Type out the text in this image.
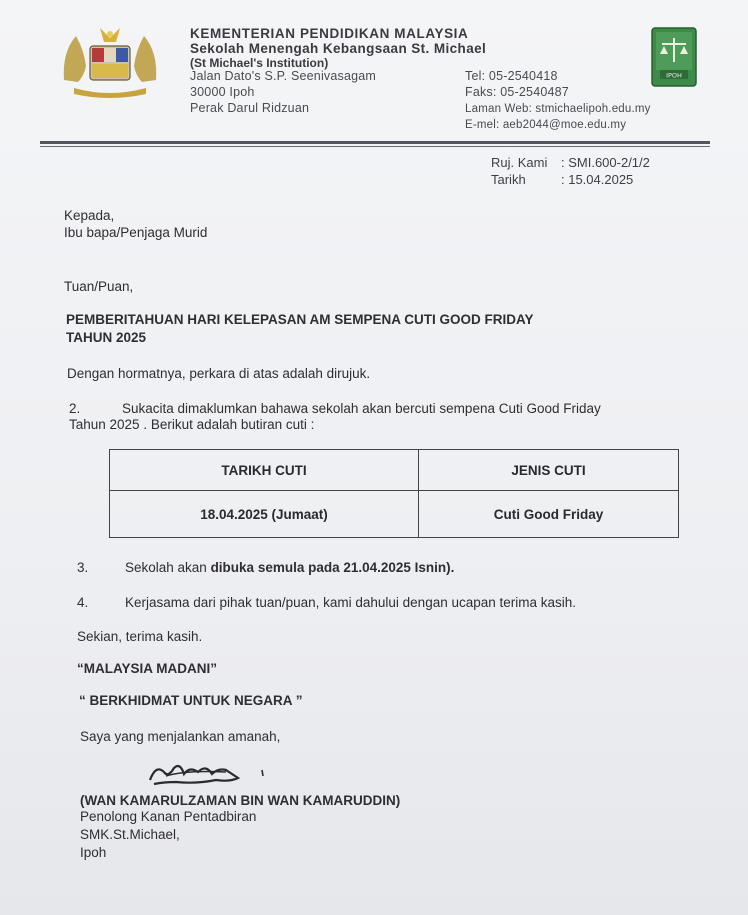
KEMENTERIAN PENDIDIKAN MALAYSIA
Sekolah Menengah Kebangsaan St. Michael
(St Michael's Institution)
Jalan Dato's S.P. Seenivasagam
30000 Ipoh
Perak Darul Ridzuan
Tel: 05-2540418
Faks: 05-2540487
Laman Web: stmichaelipoh.edu.my
E-mel: aeb2044@moe.edu.my
IPOH
Ruj. Kami : SMI.600-2/1/2
Tarikh	: 15.04.2025
Kepada,
Ibu bapa/Penjaga Murid
Tuan/Puan,
PEMBERITAHUAN HARI KELEPASAN AM SEMPENA CUTI GOOD FRIDAY
TAHUN 2025
Dengan hormatnya, perkara di atas adalah dirujuk.
2.	Sukacita dimaklumkan bahawa sekolah akan bercuti sempena Cuti Good Friday
Tahun 2025 . Berikut adalah butiran cuti :
TARIKH CUTI	JENIS CUTI
18.04.2025 (Jumaat)	Cuti Good Friday
3.	Sekolah akan dibuka semula pada 21.04.2025 Isnin).
4.	Kerjasama dari pihak tuan/puan, kami dahului dengan ucapan terima kasih.
Sekian, terima kasih.
“MALAYSIA MADANI”
“ BERKHIDMAT UNTUK NEGARA ”
Saya yang menjalankan amanah,
(WAN KAMARULZAMAN BIN WAN KAMARUDDIN)
Penolong Kanan Pentadbiran
SMK.St.Michael,
Ipoh
